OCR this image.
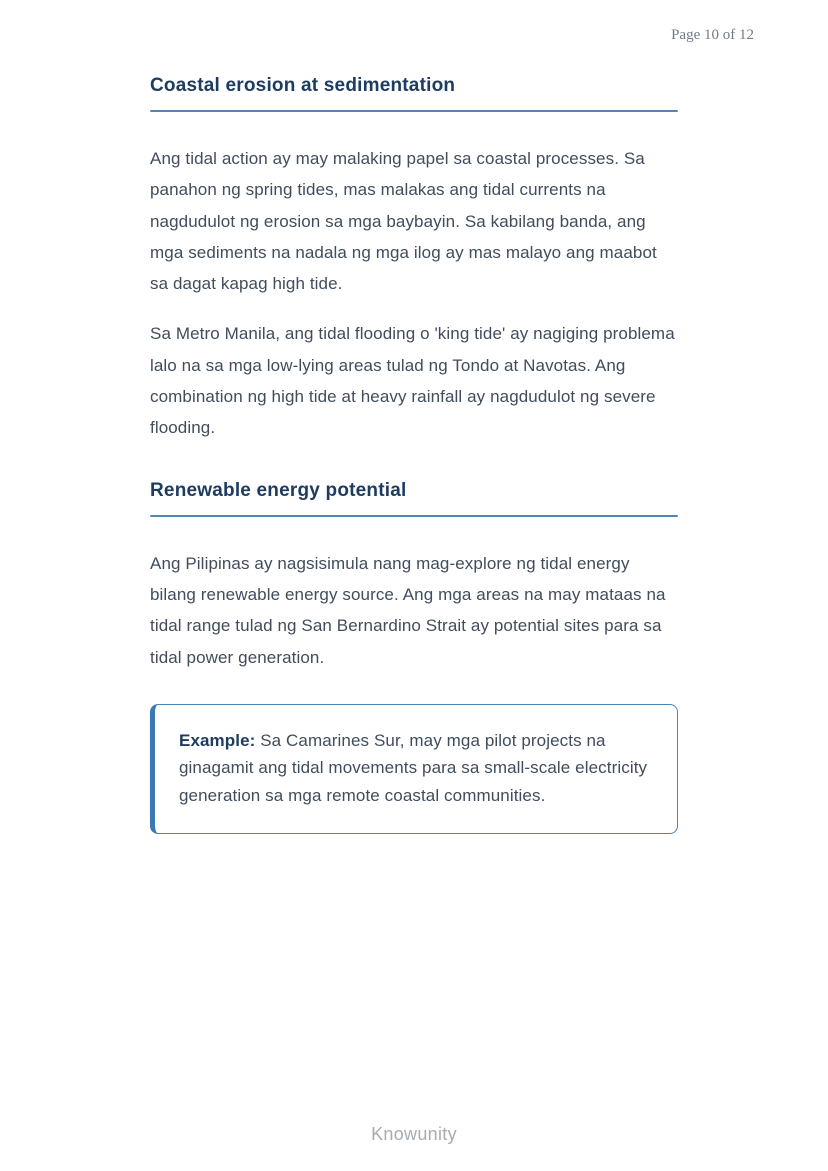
Page 10 of 12
Coastal erosion at sedimentation

Ang tidal action ay may malaking papel sa coastal processes. Sa panahon ng spring tides, mas malakas ang tidal currents na nagdudulot ng erosion sa mga baybayin. Sa kabilang banda, ang mga sediments na nadala ng mga ilog ay mas malayo ang maabot sa dagat kapag high tide.

Sa Metro Manila, ang tidal flooding o 'king tide' ay nagiging problema lalo na sa mga low-lying areas tulad ng Tondo at Navotas. Ang combination ng high tide at heavy rainfall ay nagdudulot ng severe flooding.

Renewable energy potential

Ang Pilipinas ay nagsisimula nang mag-explore ng tidal energy bilang renewable energy source. Ang mga areas na may mataas na tidal range tulad ng San Bernardino Strait ay potential sites para sa tidal power generation.

Example: Sa Camarines Sur, may mga pilot projects na ginagamit ang tidal movements para sa small-scale electricity generation sa mga remote coastal communities.

Knowunity
